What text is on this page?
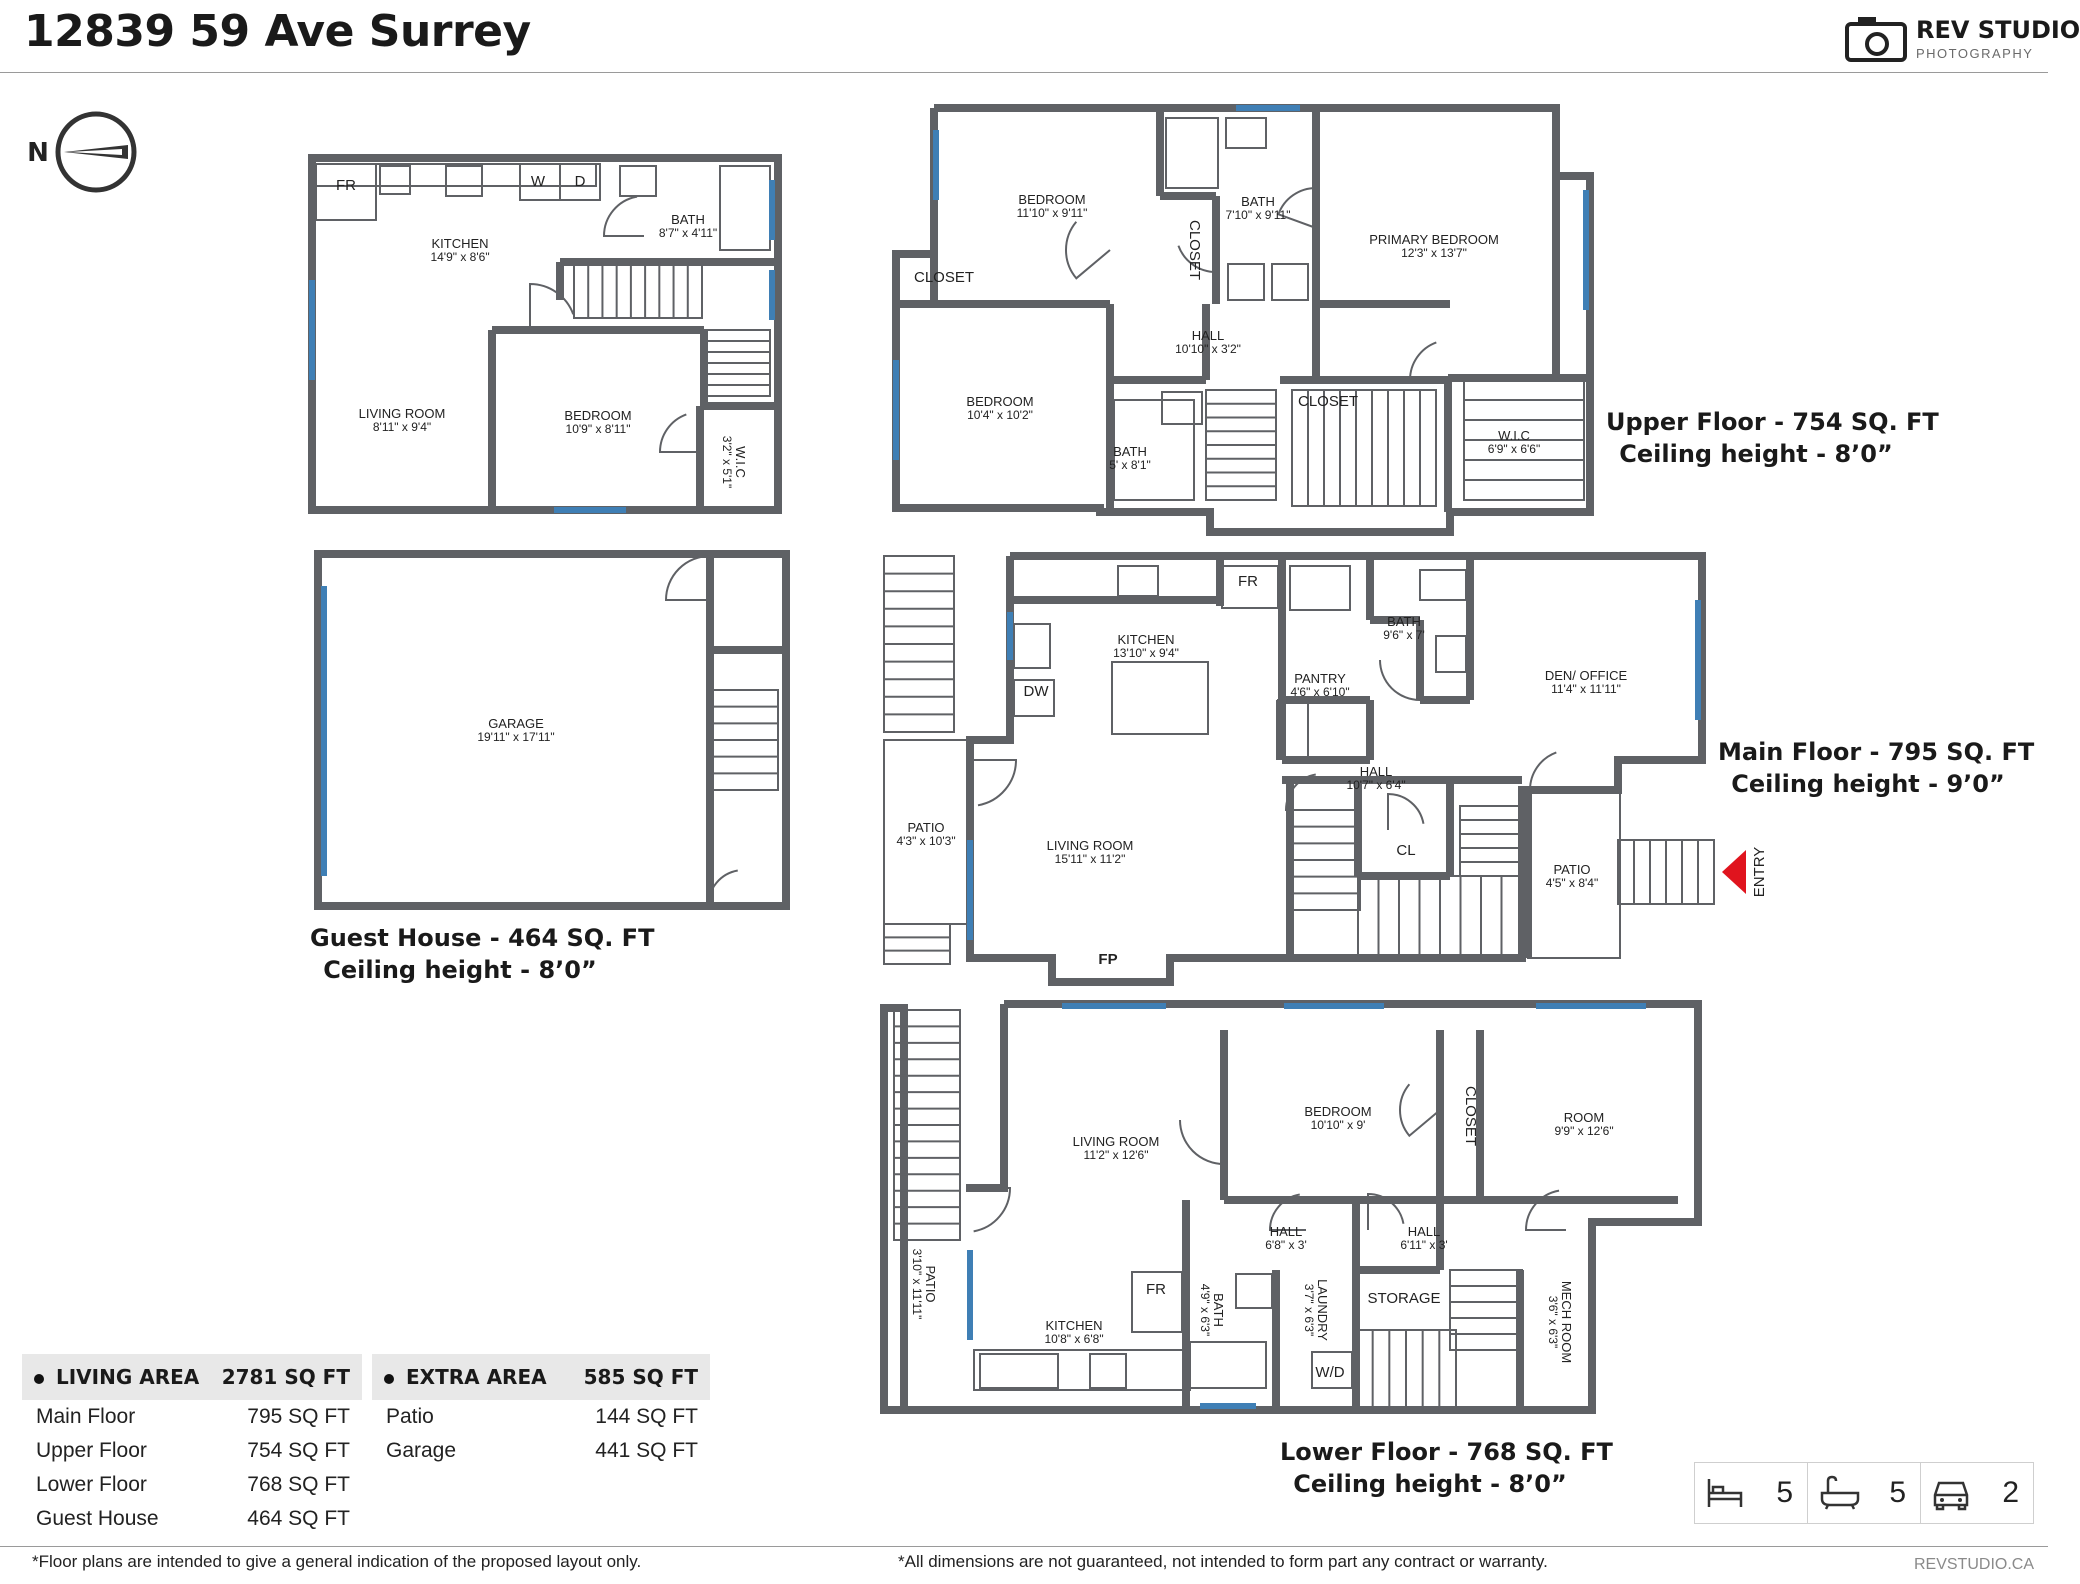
12839 59 Ave Surrey	REV STUDIO
PHOTOGRAPHY
BEDROOM
11'10" x 9'11"
BATH
7'10" x 9'11"
PRIMARY BEDROOM
12'3" x 13'7"
CLOSET
CLOSET
HALL
10'10" x 3'2"
BEDROOM
10'4" x 10'2"
CLOSET
BATH
5' x 8'1"
W.I.C
6'9" x 6'6"
KITCHEN
13'10" x 9'4"
FR
DW
PANTRY
4'6" x 6'10"
BATH
9'6" x 7'
DEN/ OFFICE
11'4" x 11'11"
PATIO
4'3" x 10'3"	LIVING ROOM
15'11" x 11'2"
HALL
10'7" x 6'4"
CL
PATIO
4'5" x 8'4"
FP
LIVING ROOM
11'2" x 12'6"
BEDROOM
10'10" x 9'	CLOSET	ROOM
9'9" x 12'6"
PATIO
3'10" x 11'11"
HALL
6'8" x 3'
HALL
6'11" x 3'
FR
BATH
4'9" x 6'3"	LAUNDRY
3'7" x 6'3"	STORAGE	MECH ROOM
3'6" x 6'3"
KITCHEN
10'8" x 6'8"
W/D
FR	W D
KITCHEN
14'9" x 8'6"
BATH
8'7" x 4'11"
LIVING ROOM
8'11" x 9'4"
BEDROOM
10'9" x 8'11"
W.I.C
3'2" x 5'1"
GARAGE
19'11" x 17'11"
N
ENTRY
Upper Floor - 754 SQ. FT
Ceiling height - 8’0”
Main Floor - 795 SQ. FT
Ceiling height - 9’0”
Lower Floor - 768 SQ. FT
Ceiling height - 8’0”
Guest House - 464 SQ. FT
Ceiling height - 8’0”
LIVING AREA 2781 SQ FT
Main Floor	795 SQ FT
Upper Floor	754 SQ FT
Lower Floor	768 SQ FT
Guest House	464 SQ FT
EXTRA AREA 585 SQ FT
Patio	144 SQ FT
Garage	441 SQ FT
5	5	2
*Floor plans are intended to give a general indication of the proposed layout only.	*All dimensions are not guaranteed, not intended to form part any contract or warranty.	REVSTUDIO.CA
